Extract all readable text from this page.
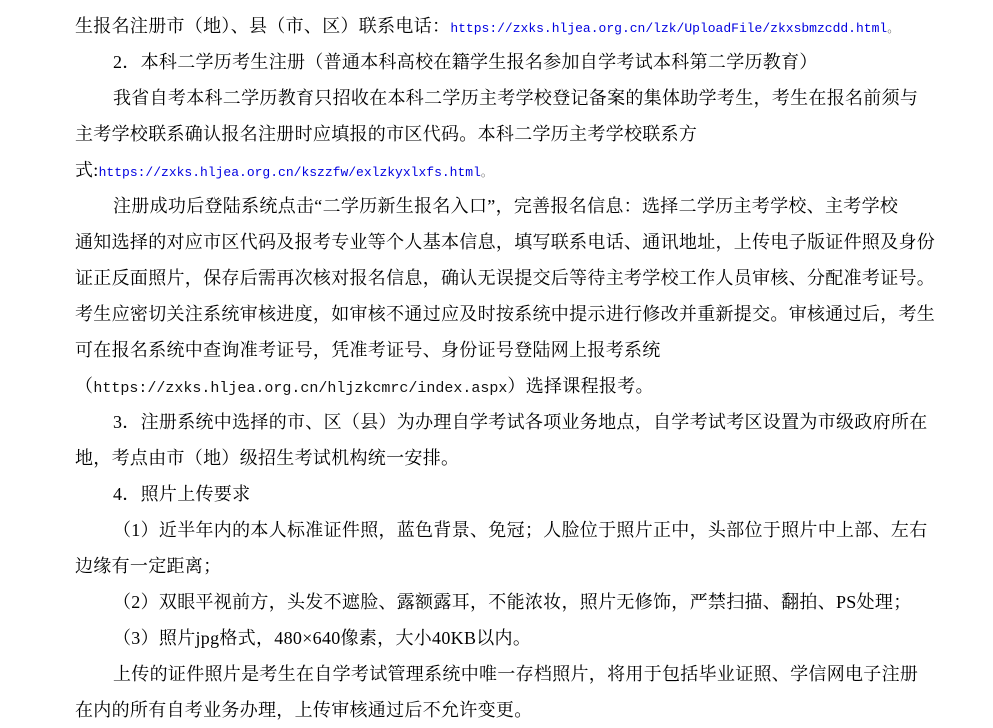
生报名注册市（地）、县（市、区）联系电话：https://zxks.hljea.org.cn/lzk/UploadFile/zkxsbmzcdd.html。
2．本科二学历考生注册（普通本科高校在籍学生报名参加自学考试本科第二学历教育）
我省自考本科二学历教育只招收在本科二学历主考学校登记备案的集体助学考生，考生在报名前须与
主考学校联系确认报名注册时应填报的市区代码。本科二学历主考学校联系方
式:https://zxks.hljea.org.cn/kszzfw/exlzkyxlxfs.html。
注册成功后登陆系统点击“二学历新生报名入口”，完善报名信息：选择二学历主考学校、主考学校
通知选择的对应市区代码及报考专业等个人基本信息，填写联系电话、通讯地址，上传电子版证件照及身份
证正反面照片，保存后需再次核对报名信息，确认无误提交后等待主考学校工作人员审核、分配准考证号。
考生应密切关注系统审核进度，如审核不通过应及时按系统中提示进行修改并重新提交。审核通过后，考生
可在报名系统中查询准考证号，凭准考证号、身份证号登陆网上报考系统
（https://zxks.hljea.org.cn/hljzkcmrc/index.aspx）选择课程报考。
3．注册系统中选择的市、区（县）为办理自学考试各项业务地点，自学考试考区设置为市级政府所在
地，考点由市（地）级招生考试机构统一安排。
4．照片上传要求
（1）近半年内的本人标准证件照，蓝色背景、免冠；人脸位于照片正中，头部位于照片中上部、左右
边缘有一定距离；
（2）双眼平视前方，头发不遮脸、露额露耳，不能浓妆，照片无修饰，严禁扫描、翻拍、PS处理；
（3）照片jpg格式，480×640像素，大小40KB以内。
上传的证件照片是考生在自学考试管理系统中唯一存档照片，将用于包括毕业证照、学信网电子注册
在内的所有自考业务办理，上传审核通过后不允许变更。
